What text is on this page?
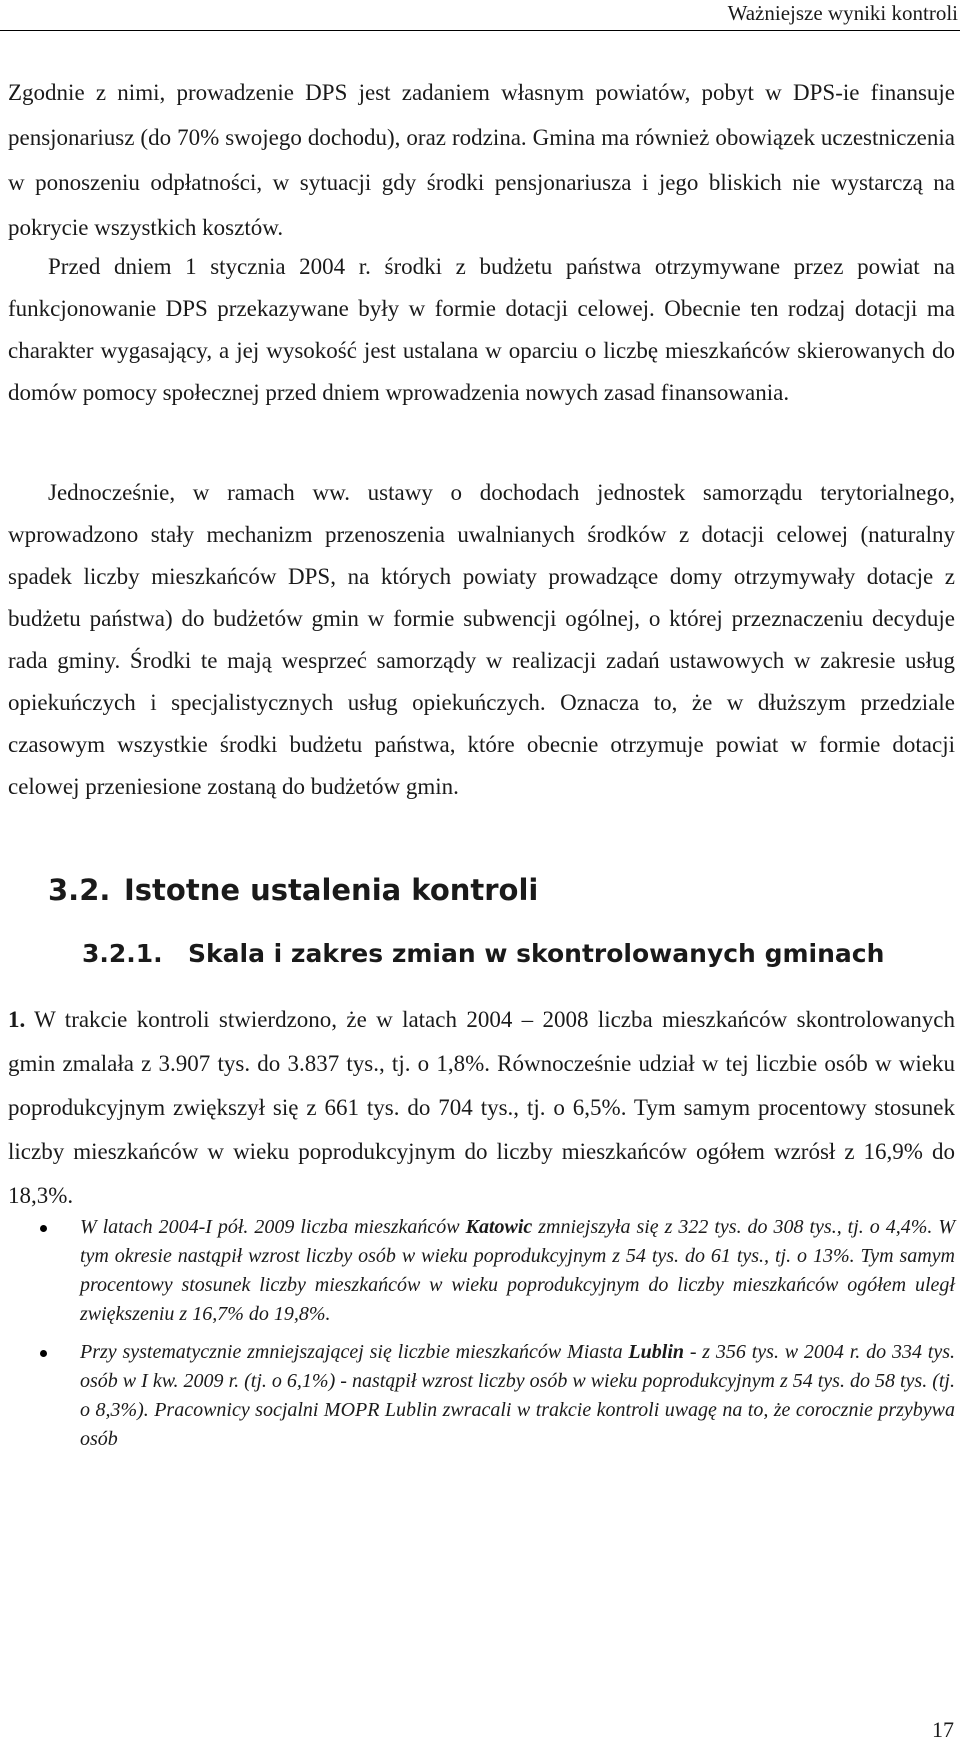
Ważniejsze wyniki kontroli

Zgodnie z nimi, prowadzenie DPS jest zadaniem własnym powiatów, pobyt w DPS-ie finansuje pensjonariusz (do 70% swojego dochodu), oraz rodzina. Gmina ma również obowiązek uczestniczenia w ponoszeniu odpłatności, w sytuacji gdy środki pensjonariusza i jego bliskich nie wystarczą na pokrycie wszystkich kosztów.

Przed dniem 1 stycznia 2004 r. środki z budżetu państwa otrzymywane przez powiat na funkcjonowanie DPS przekazywane były w formie dotacji celowej. Obecnie ten rodzaj dotacji ma charakter wygasający, a jej wysokość jest ustalana w oparciu o liczbę mieszkańców skierowanych do domów pomocy społecznej przed dniem wprowadzenia nowych zasad finansowania.

Jednocześnie, w ramach ww. ustawy o dochodach jednostek samorządu terytorialnego, wprowadzono stały mechanizm przenoszenia uwalnianych środków z dotacji celowej (naturalny spadek liczby mieszkańców DPS, na których powiaty prowadzące domy otrzymywały dotacje z budżetu państwa) do budżetów gmin w formie subwencji ogólnej, o której przeznaczeniu decyduje rada gminy. Środki te mają wesprzeć samorządy w realizacji zadań ustawowych w zakresie usług opiekuńczych i specjalistycznych usług opiekuńczych. Oznacza to, że w dłuższym przedziale czasowym wszystkie środki budżetu państwa, które obecnie otrzymuje powiat w formie dotacji celowej przeniesione zostaną do budżetów gmin.

3.2. Istotne ustalenia kontroli
3.2.1. Skala i zakres zmian w skontrolowanych gminach

1. W trakcie kontroli stwierdzono, że w latach 2004 – 2008 liczba mieszkańców skontrolowanych gmin zmalała z 3.907 tys. do 3.837 tys., tj. o 1,8%. Równocześnie udział w tej liczbie osób w wieku poprodukcyjnym zwiększył się z 661 tys. do 704 tys., tj. o 6,5%. Tym samym procentowy stosunek liczby mieszkańców w wieku poprodukcyjnym do liczby mieszkańców ogółem wzrósł z 16,9% do 18,3%.

W latach 2004-I pół. 2009 liczba mieszkańców Katowic zmniejszyła się z 322 tys. do 308 tys., tj. o 4,4%. W tym okresie nastąpił wzrost liczby osób w wieku poprodukcyjnym z 54 tys. do 61 tys., tj. o 13%. Tym samym procentowy stosunek liczby mieszkańców w wieku poprodukcyjnym do liczby mieszkańców ogółem uległ zwiększeniu z 16,7% do 19,8%.
Przy systematycznie zmniejszającej się liczbie mieszkańców Miasta Lublin - z 356 tys. w 2004 r. do 334 tys. osób w I kw. 2009 r. (tj. o 6,1%) - nastąpił wzrost liczby osób w wieku poprodukcyjnym z 54 tys. do 58 tys. (tj. o 8,3%). Pracownicy socjalni MOPR Lublin zwracali w trakcie kontroli uwagę na to, że corocznie przybywa osób
17
